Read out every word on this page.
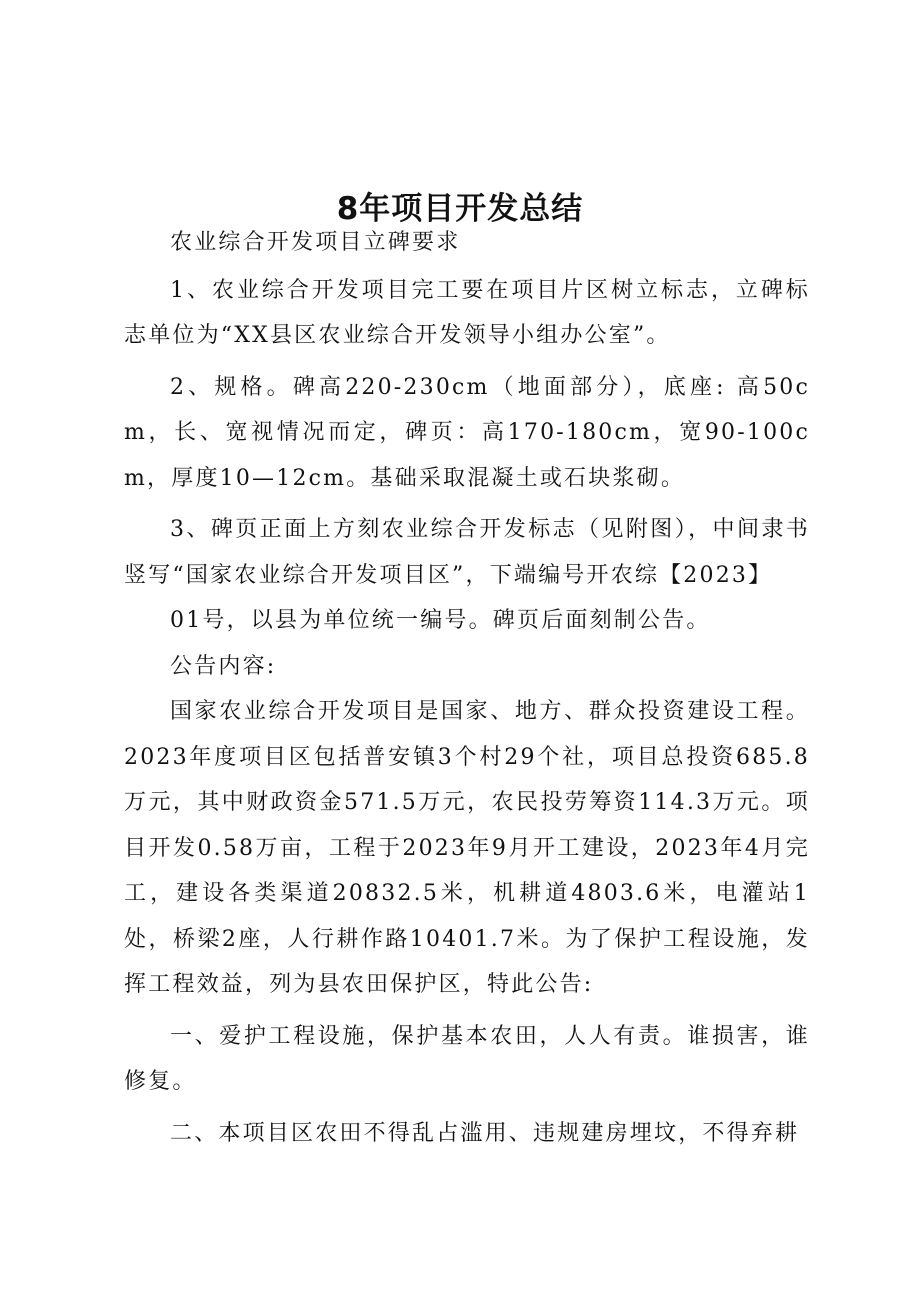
8年项目开发总结

农业综合开发项目立碑要求

1、农业综合开发项目完工要在项目片区树立标志，立碑标志单位为“XX县区农业综合开发领导小组办公室”。

2、规格。碑高220-230cm（地面部分），底座: 高50cm，长、宽视情况而定，碑页：高170-180cm，宽90-100cm，厚度10—12cm。基础采取混凝土或石块浆砌。

3、碑页正面上方刻农业综合开发标志（见附图），中间隶书竖写“国家农业综合开发项目区”，下端编号开农综【2023】

01号，以县为单位统一编号。碑页后面刻制公告。

公告内容:

国家农业综合开发项目是国家、地方、群众投资建设工程。2023年度项目区包括普安镇3个村29个社，项目总投资685.8万元，其中财政资金571.5万元，农民投劳筹资114.3万元。项目开发0.58万亩，工程于2023年9月开工建设，2023年4月完工，建设各类渠道20832.5米，机耕道4803.6米，电灌站1处，桥梁2座，人行耕作路10401.7米。为了保护工程设施，发挥工程效益，列为县农田保护区，特此公告:

一、爱护工程设施，保护基本农田，人人有责。谁损害，谁修复。

二、本项目区农田不得乱占滥用、违规建房埋坟，不得弃耕
